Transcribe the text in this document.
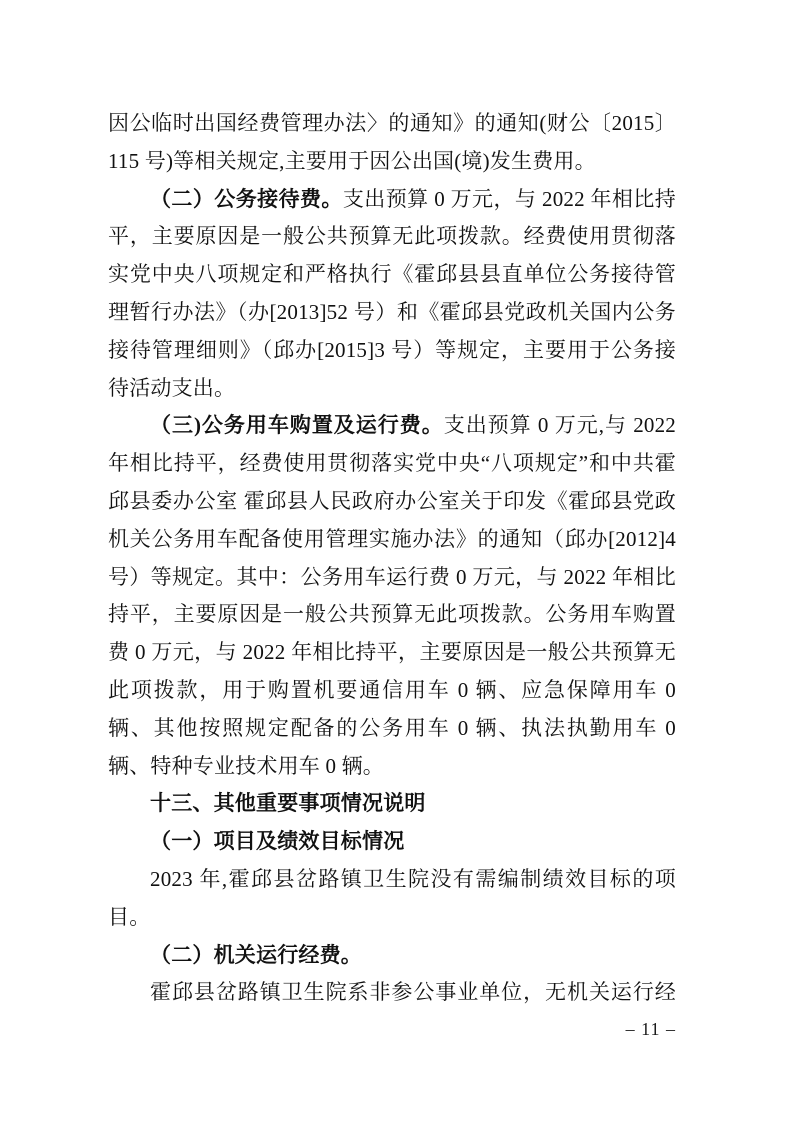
因公临时出国经费管理办法〉的通知》的通知(财公〔2015〕115 号)等相关规定,主要用于因公出国(境)发生费用。

（二）公务接待费。支出预算 0 万元，与 2022 年相比持平，主要原因是一般公共预算无此项拨款。经费使用贯彻落实党中央八项规定和严格执行《霍邱县县直单位公务接待管理暂行办法》（办[2013]52 号）和《霍邱县党政机关国内公务接待管理细则》（邱办[2015]3 号）等规定，主要用于公务接待活动支出。

（三)公务用车购置及运行费。支出预算 0 万元,与 2022 年相比持平，经费使用贯彻落实党中央“八项规定”和中共霍邱县委办公室 霍邱县人民政府办公室关于印发《霍邱县党政机关公务用车配备使用管理实施办法》的通知（邱办[2012]4 号）等规定。其中：公务用车运行费 0 万元，与 2022 年相比持平，主要原因是一般公共预算无此项拨款。公务用车购置费 0 万元，与 2022 年相比持平，主要原因是一般公共预算无此项拨款，用于购置机要通信用车 0 辆、应急保障用车 0 辆、其他按照规定配备的公务用车 0 辆、执法执勤用车 0 辆、特种专业技术用车 0 辆。

十三、其他重要事项情况说明

（一）项目及绩效目标情况

2023 年,霍邱县岔路镇卫生院没有需编制绩效目标的项目。

（二）机关运行经费。

霍邱县岔路镇卫生院系非参公事业单位，无机关运行经

– 11 –
